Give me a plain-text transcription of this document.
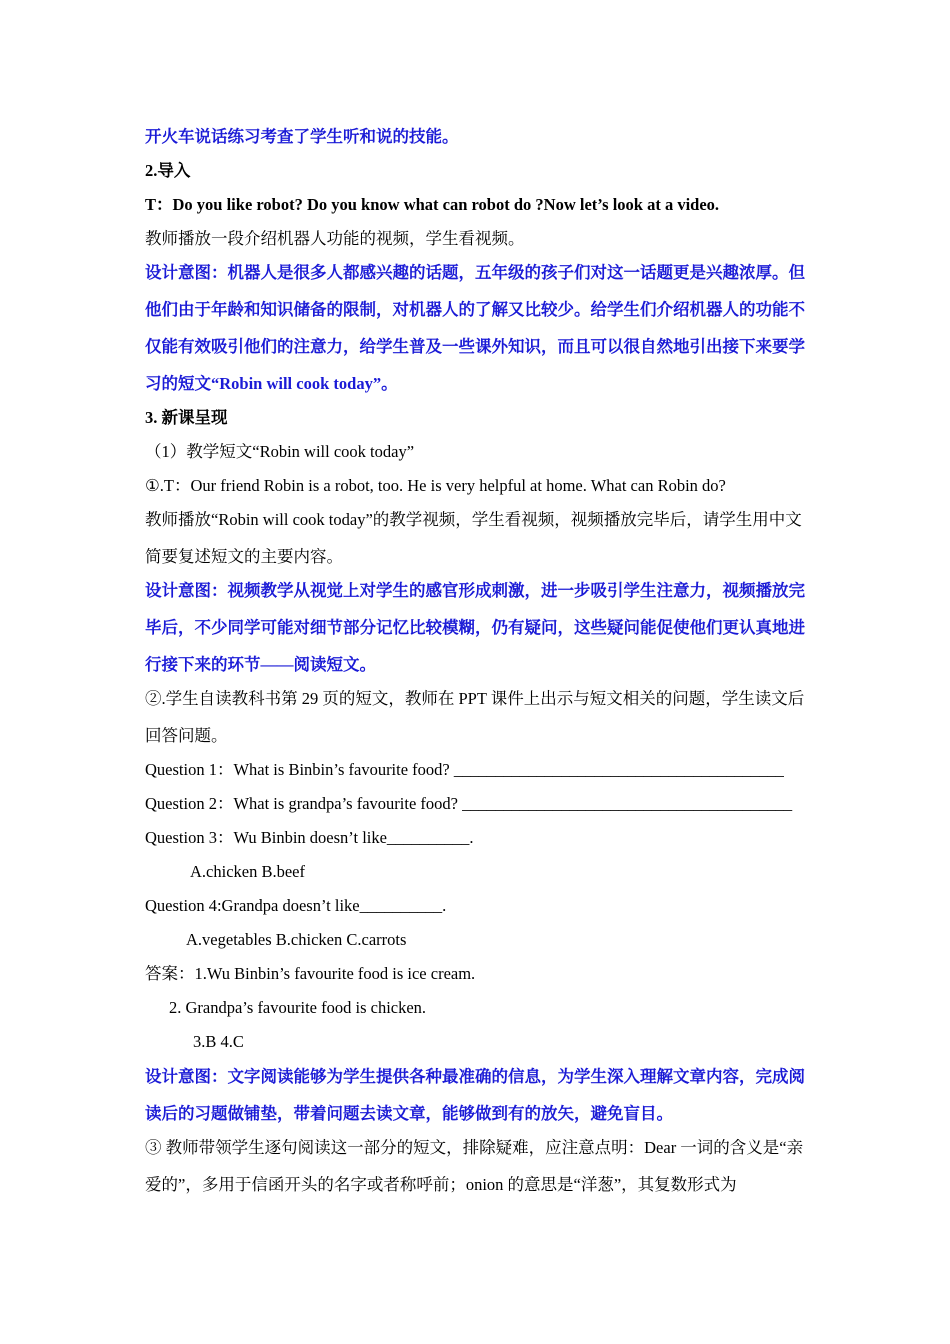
开火车说话练习考查了学生听和说的技能。
2.导入
T：Do you like robot? Do you know what can robot do ?Now let’s look at a video.
教师播放一段介绍机器人功能的视频，学生看视频。
设计意图：机器人是很多人都感兴趣的话题，五年级的孩子们对这一话题更是兴趣浓厚。但
他们由于年龄和知识储备的限制，对机器人的了解又比较少。给学生们介绍机器人的功能不
仅能有效吸引他们的注意力，给学生普及一些课外知识，而且可以很自然地引出接下来要学
习的短文“Robin will cook today”。
3. 新课呈现
（1）教学短文“Robin will cook today”
①.T：Our friend Robin is a robot, too. He is very helpful at home. What can Robin do?
教师播放“Robin will cook today”的教学视频，学生看视频，视频播放完毕后，请学生用中文
简要复述短文的主要内容。
设计意图：视频教学从视觉上对学生的感官形成刺激，进一步吸引学生注意力，视频播放完
毕后，不少同学可能对细节部分记忆比较模糊，仍有疑问，这些疑问能促使他们更认真地进
行接下来的环节——阅读短文。
②.学生自读教科书第 29 页的短文，教师在 PPT 课件上出示与短文相关的问题，学生读文后
回答问题。
Question 1：What is Binbin’s favourite food? ________________________________________
Question 2：What is grandpa’s favourite food? ________________________________________
Question 3：Wu Binbin doesn’t like__________.
A.chicken B.beef
Question 4:Grandpa doesn’t like__________.
A.vegetables B.chicken C.carrots
答案：1.Wu Binbin’s favourite food is ice cream.
2. Grandpa’s favourite food is chicken.
3.B 4.C
设计意图：文字阅读能够为学生提供各种最准确的信息，为学生深入理解文章内容，完成阅
读后的习题做铺垫，带着问题去读文章，能够做到有的放矢，避免盲目。
③ 教师带领学生逐句阅读这一部分的短文，排除疑难，应注意点明：Dear 一词的含义是“亲
爱的”，多用于信函开头的名字或者称呼前；onion 的意思是“洋葱”，其复数形式为
